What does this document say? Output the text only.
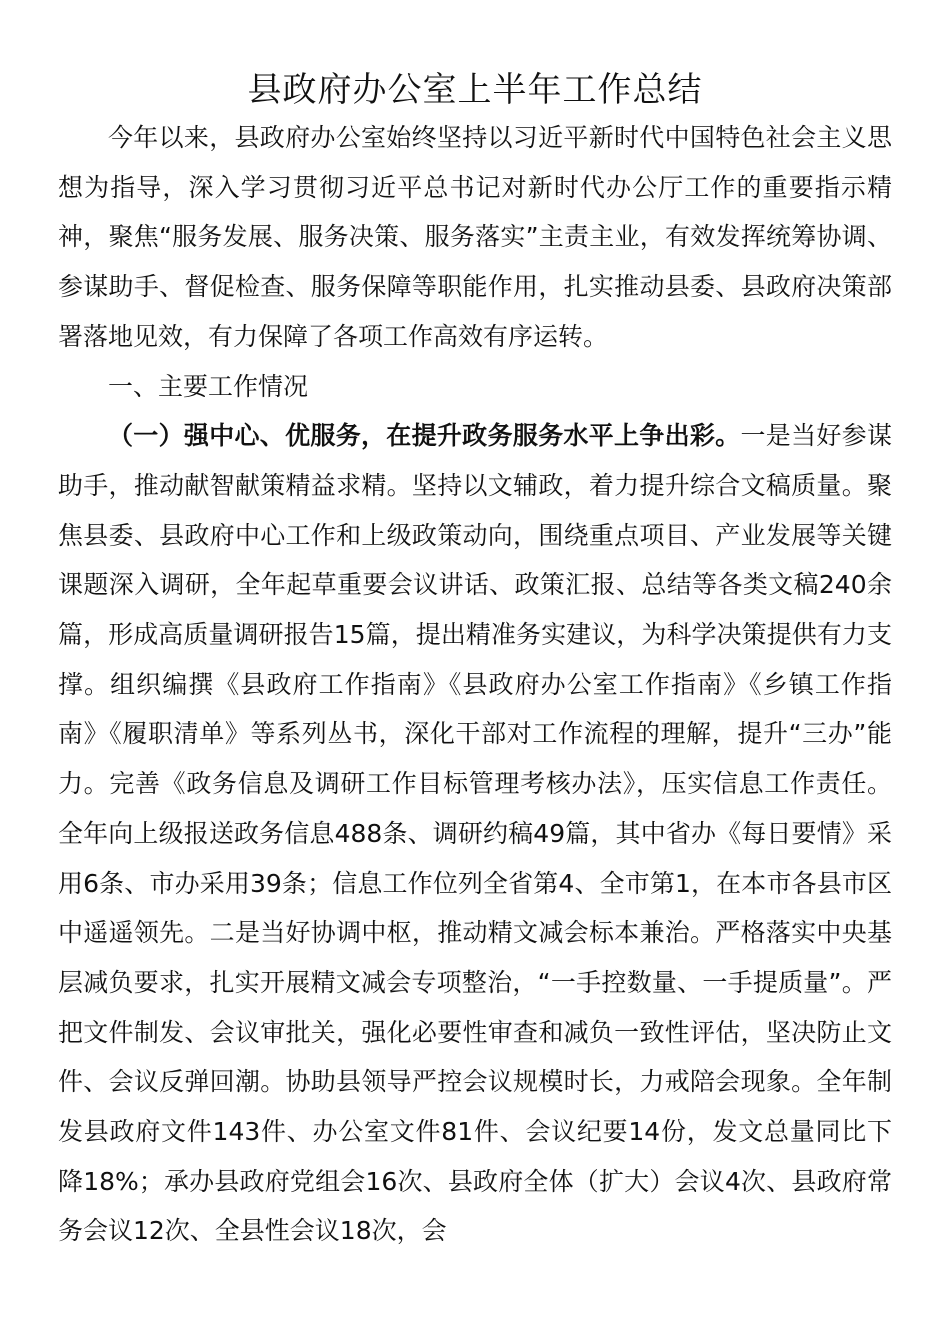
县政府办公室上半年工作总结

今年以来，县政府办公室始终坚持以习近平新时代中国特色社会主义思想为指导，深入学习贯彻习近平总书记对新时代办公厅工作的重要指示精神，聚焦“服务发展、服务决策、服务落实”主责主业，有效发挥统筹协调、参谋助手、督促检查、服务保障等职能作用，扎实推动县委、县政府决策部署落地见效，有力保障了各项工作高效有序运转。

一、主要工作情况

（一）强中心、优服务，在提升政务服务水平上争出彩。一是当好参谋助手，推动献智献策精益求精。坚持以文辅政，着力提升综合文稿质量。聚焦县委、县政府中心工作和上级政策动向，围绕重点项目、产业发展等关键课题深入调研，全年起草重要会议讲话、政策汇报、总结等各类文稿240余篇，形成高质量调研报告15篇，提出精准务实建议，为科学决策提供有力支撑。组织编撰《县政府工作指南》《县政府办公室工作指南》《乡镇工作指南》《履职清单》等系列丛书，深化干部对工作流程的理解，提升“三办”能力。完善《政务信息及调研工作目标管理考核办法》，压实信息工作责任。全年向上级报送政务信息488条、调研约稿49篇，其中省办《每日要情》采用6条、市办采用39条；信息工作位列全省第4、全市第1，在本市各县市区中遥遥领先。二是当好协调中枢，推动精文减会标本兼治。严格落实中央基层减负要求，扎实开展精文减会专项整治，“一手控数量、一手提质量”。严把文件制发、会议审批关，强化必要性审查和减负一致性评估，坚决防止文件、会议反弹回潮。协助县领导严控会议规模时长，力戒陪会现象。全年制发县政府文件143件、办公室文件81件、会议纪要14份，发文总量同比下降18%；承办县政府党组会16次、县政府全体（扩大）会议4次、县政府常务会议12次、全县性会议18次，会
